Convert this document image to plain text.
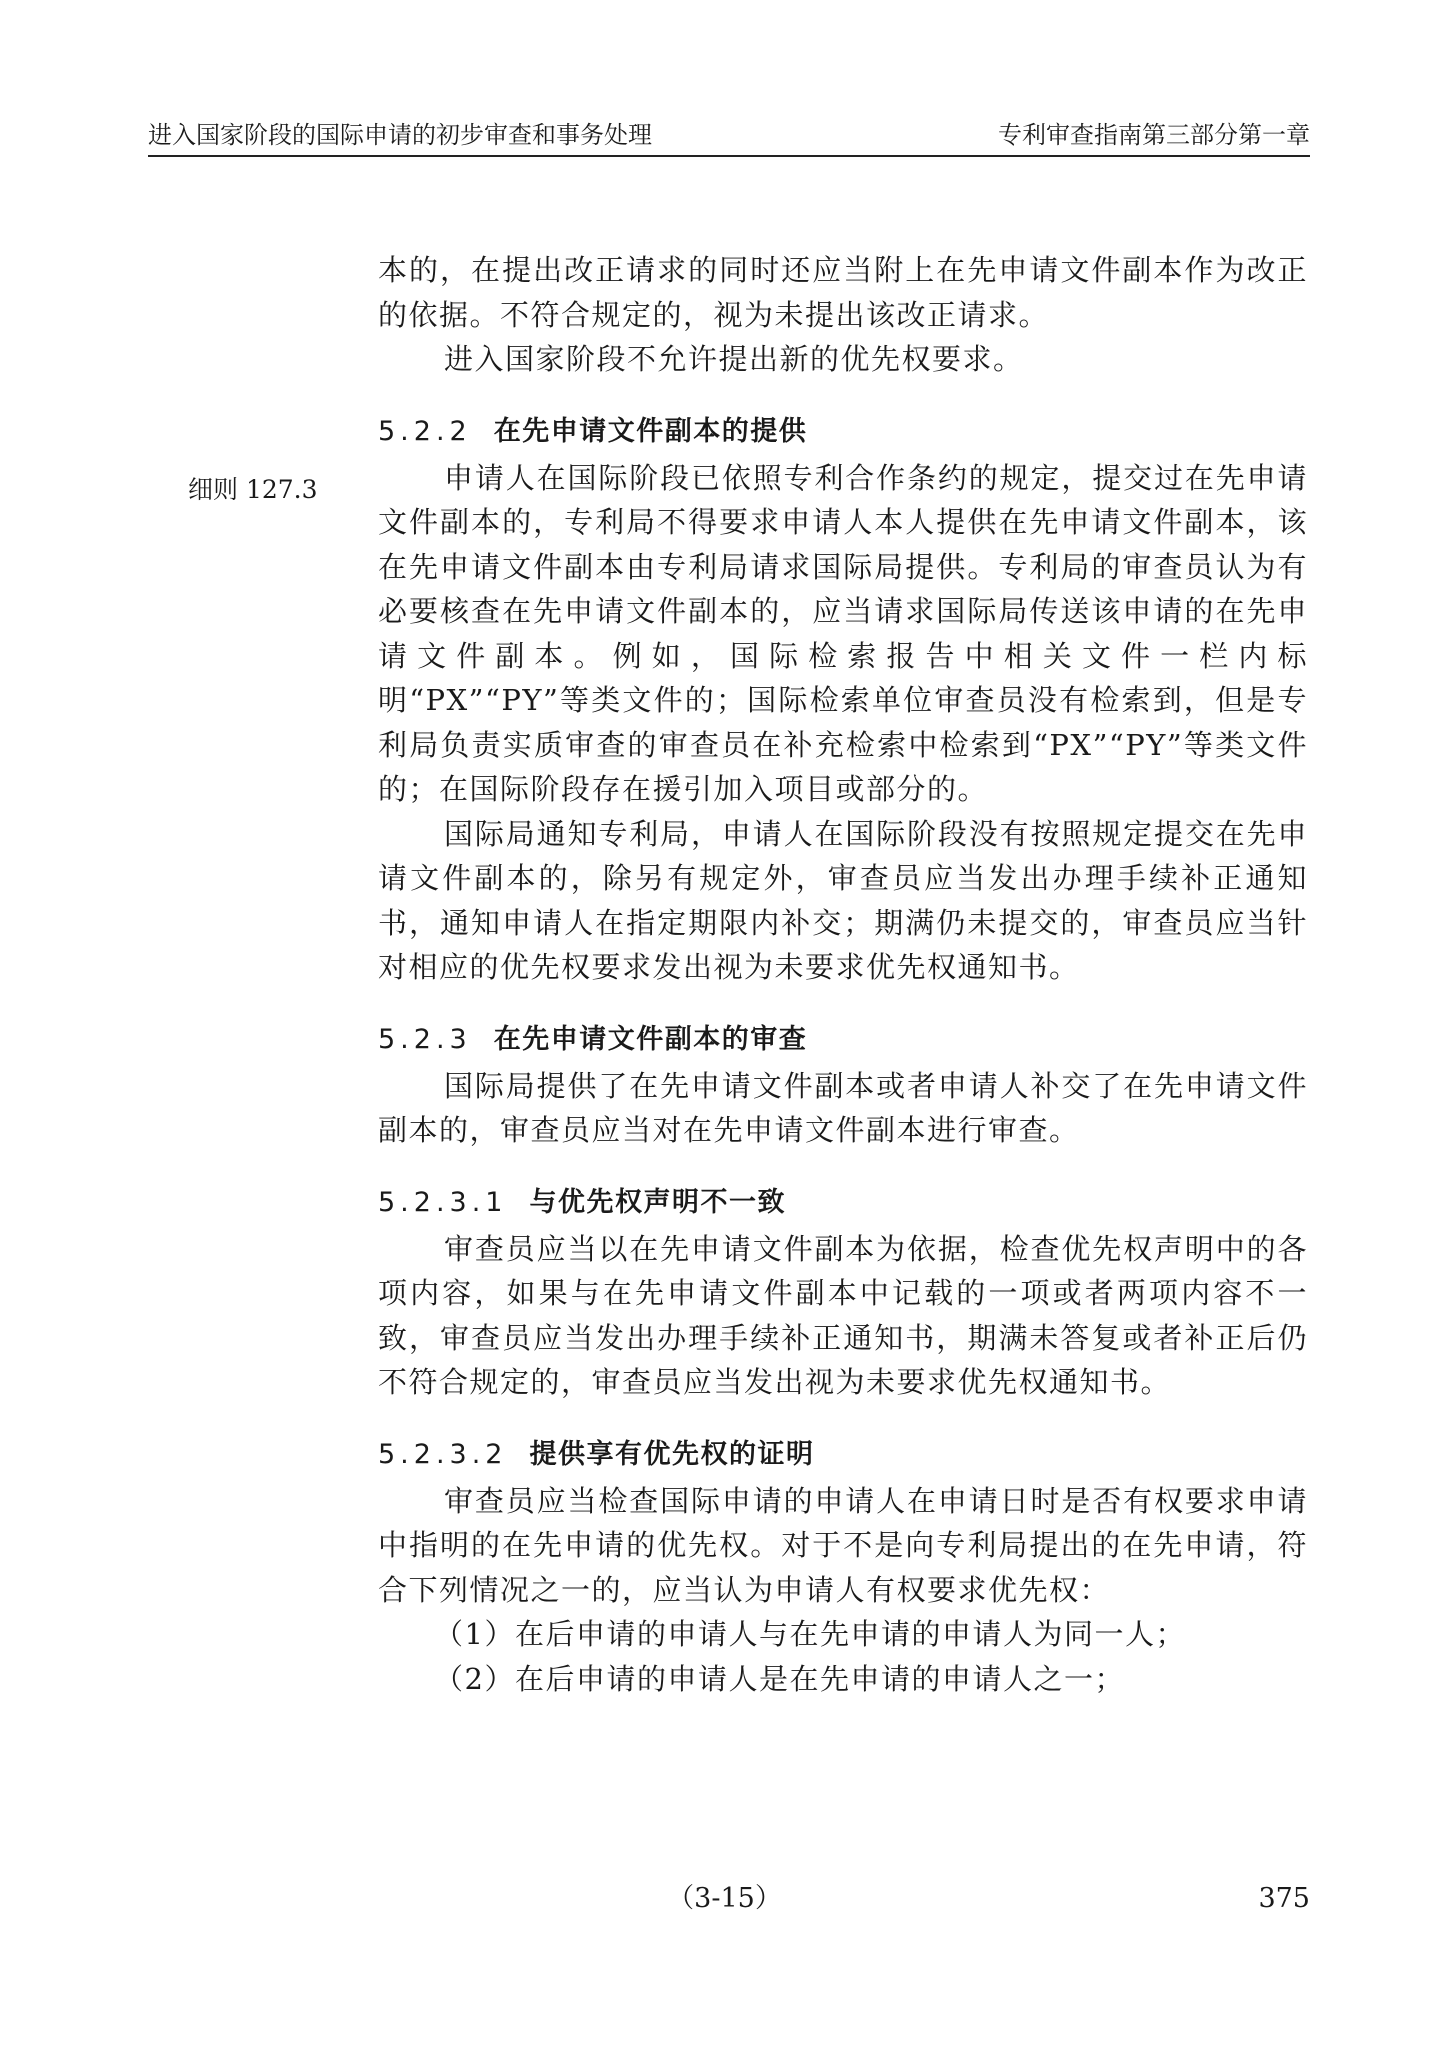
进入国家阶段的国际申请的初步审查和事务处理	专利审查指南第三部分第一章
细则 127.3

本的，在提出改正请求的同时还应当附上在先申请文件副本作为改正的依据。不符合规定的，视为未提出该改正请求。

进入国家阶段不允许提出新的优先权要求。

5.2.2 在先申请文件副本的提供

申请人在国际阶段已依照专利合作条约的规定，提交过在先申请文件副本的，专利局不得要求申请人本人提供在先申请文件副本，该在先申请文件副本由专利局请求国际局提供。专利局的审查员认为有必要核查在先申请文件副本的，应当请求国际局传送该申请的在先申请文件副本。例如，国际检索报告中相关文件一栏内标明“PX”“PY”等类文件的；国际检索单位审查员没有检索到，但是专利局负责实质审查的审查员在补充检索中检索到“PX”“PY”等类文件的；在国际阶段存在援引加入项目或部分的。

国际局通知专利局，申请人在国际阶段没有按照规定提交在先申请文件副本的，除另有规定外，审查员应当发出办理手续补正通知书，通知申请人在指定期限内补交；期满仍未提交的，审查员应当针对相应的优先权要求发出视为未要求优先权通知书。

5.2.3 在先申请文件副本的审查

国际局提供了在先申请文件副本或者申请人补交了在先申请文件副本的，审查员应当对在先申请文件副本进行审查。

5.2.3.1 与优先权声明不一致

审查员应当以在先申请文件副本为依据，检查优先权声明中的各项内容，如果与在先申请文件副本中记载的一项或者两项内容不一致，审查员应当发出办理手续补正通知书，期满未答复或者补正后仍不符合规定的，审查员应当发出视为未要求优先权通知书。

5.2.3.2 提供享有优先权的证明

审查员应当检查国际申请的申请人在申请日时是否有权要求申请中指明的在先申请的优先权。对于不是向专利局提出的在先申请，符合下列情况之一的，应当认为申请人有权要求优先权：

（1）在后申请的申请人与在先申请的申请人为同一人；

（2）在后申请的申请人是在先申请的申请人之一；

（3-15）	375
